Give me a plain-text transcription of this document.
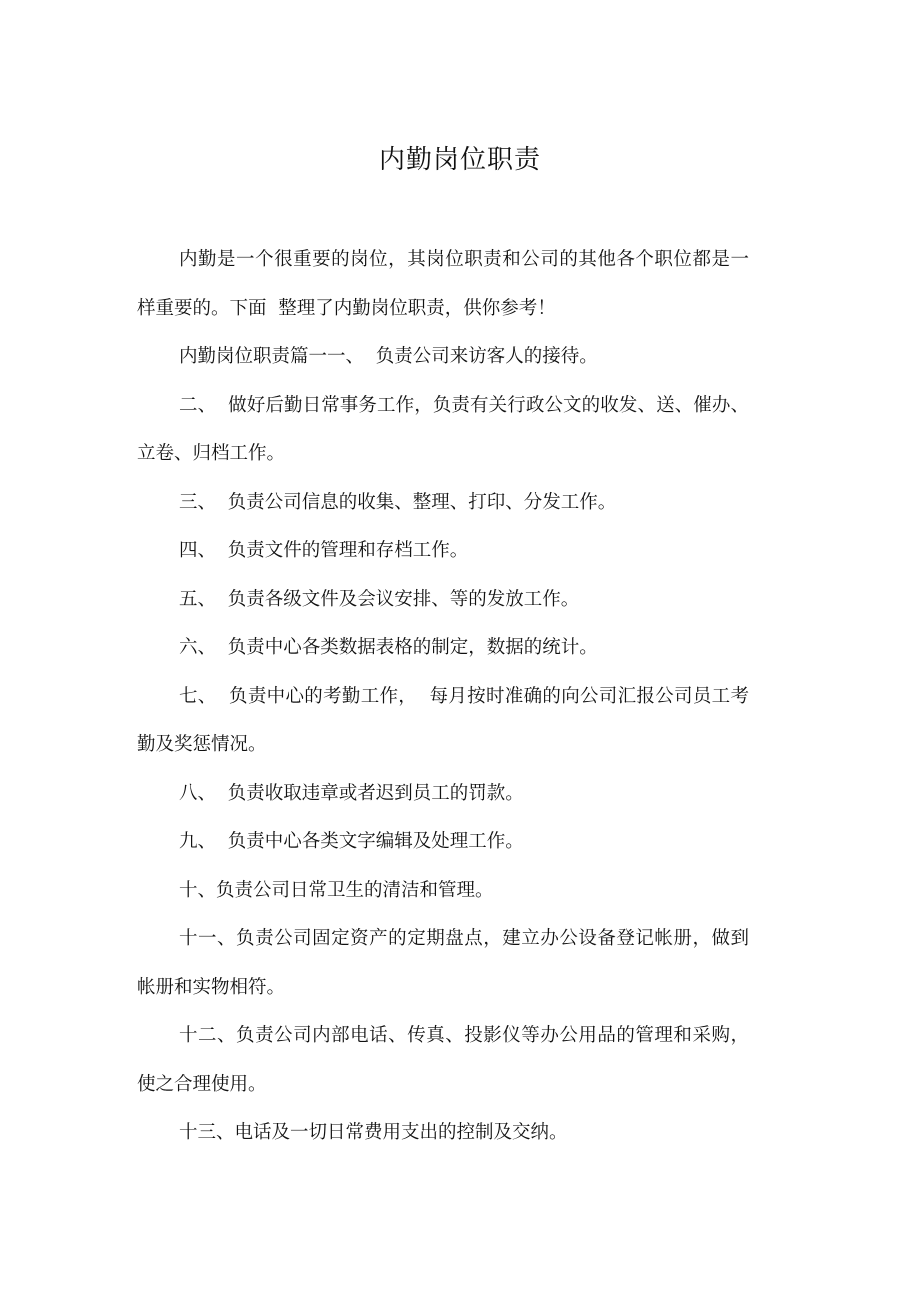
内勤岗位职责

内勤是一个很重要的岗位，其岗位职责和公司的其他各个职位都是一样重要的。下面  整理了内勤岗位职责，供你参考！

内勤岗位职责篇一一、  负责公司来访客人的接待。

二、  做好后勤日常事务工作，负责有关行政公文的收发、送、催办、立卷、归档工作。

三、  负责公司信息的收集、整理、打印、分发工作。

四、  负责文件的管理和存档工作。

五、  负责各级文件及会议安排、等的发放工作。

六、  负责中心各类数据表格的制定，数据的统计。

七、  负责中心的考勤工作，  每月按时准确的向公司汇报公司员工考勤及奖惩情况。

八、  负责收取违章或者迟到员工的罚款。

九、  负责中心各类文字编辑及处理工作。

十、负责公司日常卫生的清洁和管理。

十一、负责公司固定资产的定期盘点，建立办公设备登记帐册，做到帐册和实物相符。

十二、负责公司内部电话、传真、投影仪等办公用品的管理和采购，使之合理使用。

十三、电话及一切日常费用支出的控制及交纳。
